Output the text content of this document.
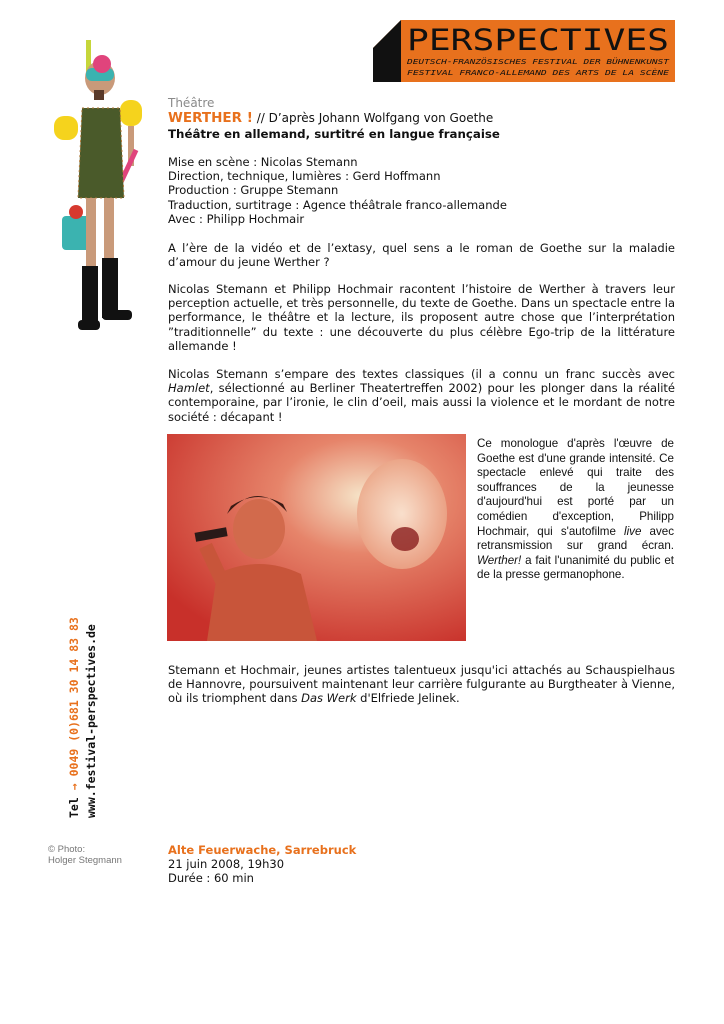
PERSPECTIVES
DEUTSCH-FRANZÖSISCHES FESTIVAL DER BÜHNENKUNST
FESTIVAL FRANCO-ALLEMAND DES ARTS DE LA SCÈNE
Théâtre
WERTHER ! // D’après Johann Wolfgang von Goethe
Théâtre en allemand, surtitré en langue française
Mise en scène : Nicolas Stemann
Direction, technique, lumières : Gerd Hoffmann
Production : Gruppe Stemann
Traduction, surtitrage : Agence théâtrale franco-allemande
Avec : Philipp Hochmair
A l’ère de la vidéo et de l’extasy, quel sens a le roman de Goethe sur la maladie d’amour du jeune Werther ?
Nicolas Stemann et Philipp Hochmair racontent l’histoire de Werther à travers leur perception actuelle, et très personnelle, du texte de Goethe. Dans un spectacle entre la performance, le théâtre et la lecture, ils proposent autre chose que l’interprétation ”traditionnelle” du texte : une découverte du plus célèbre Ego-trip de la littérature allemande !
Nicolas Stemann s’empare des textes classiques (il a connu un franc succès avec Hamlet, sélectionné au Berliner Theatertreffen 2002) pour les plonger dans la réalité contemporaine, par l’ironie, le clin d’oeil, mais aussi la violence et le mordant de notre société : décapant !
Ce monologue d'après l'œuvre de Goethe est d'une grande intensité. Ce spectacle enlevé qui traite des souffrances de la jeunesse d'aujourd'hui est porté par un comédien d'exception, Philipp Hochmair, qui s'autofilme live avec retransmission sur grand écran. Werther! a fait l'unanimité du public et de la presse germanophone.
Stemann et Hochmair, jeunes artistes talentueux jusqu'ici attachés au Schauspielhaus de Hannovre, poursuivent maintenant leur carrière fulgurante au Burgtheater à Vienne, où ils triomphent dans Das Werk d'Elfriede Jelinek.
Tel → 0049 (0)681 30 14 83 83 www.festival-perspectives.de
© Photo:
Holger Stegmann
Alte Feuerwache, Sarrebruck
21 juin 2008, 19h30
Durée : 60 min
